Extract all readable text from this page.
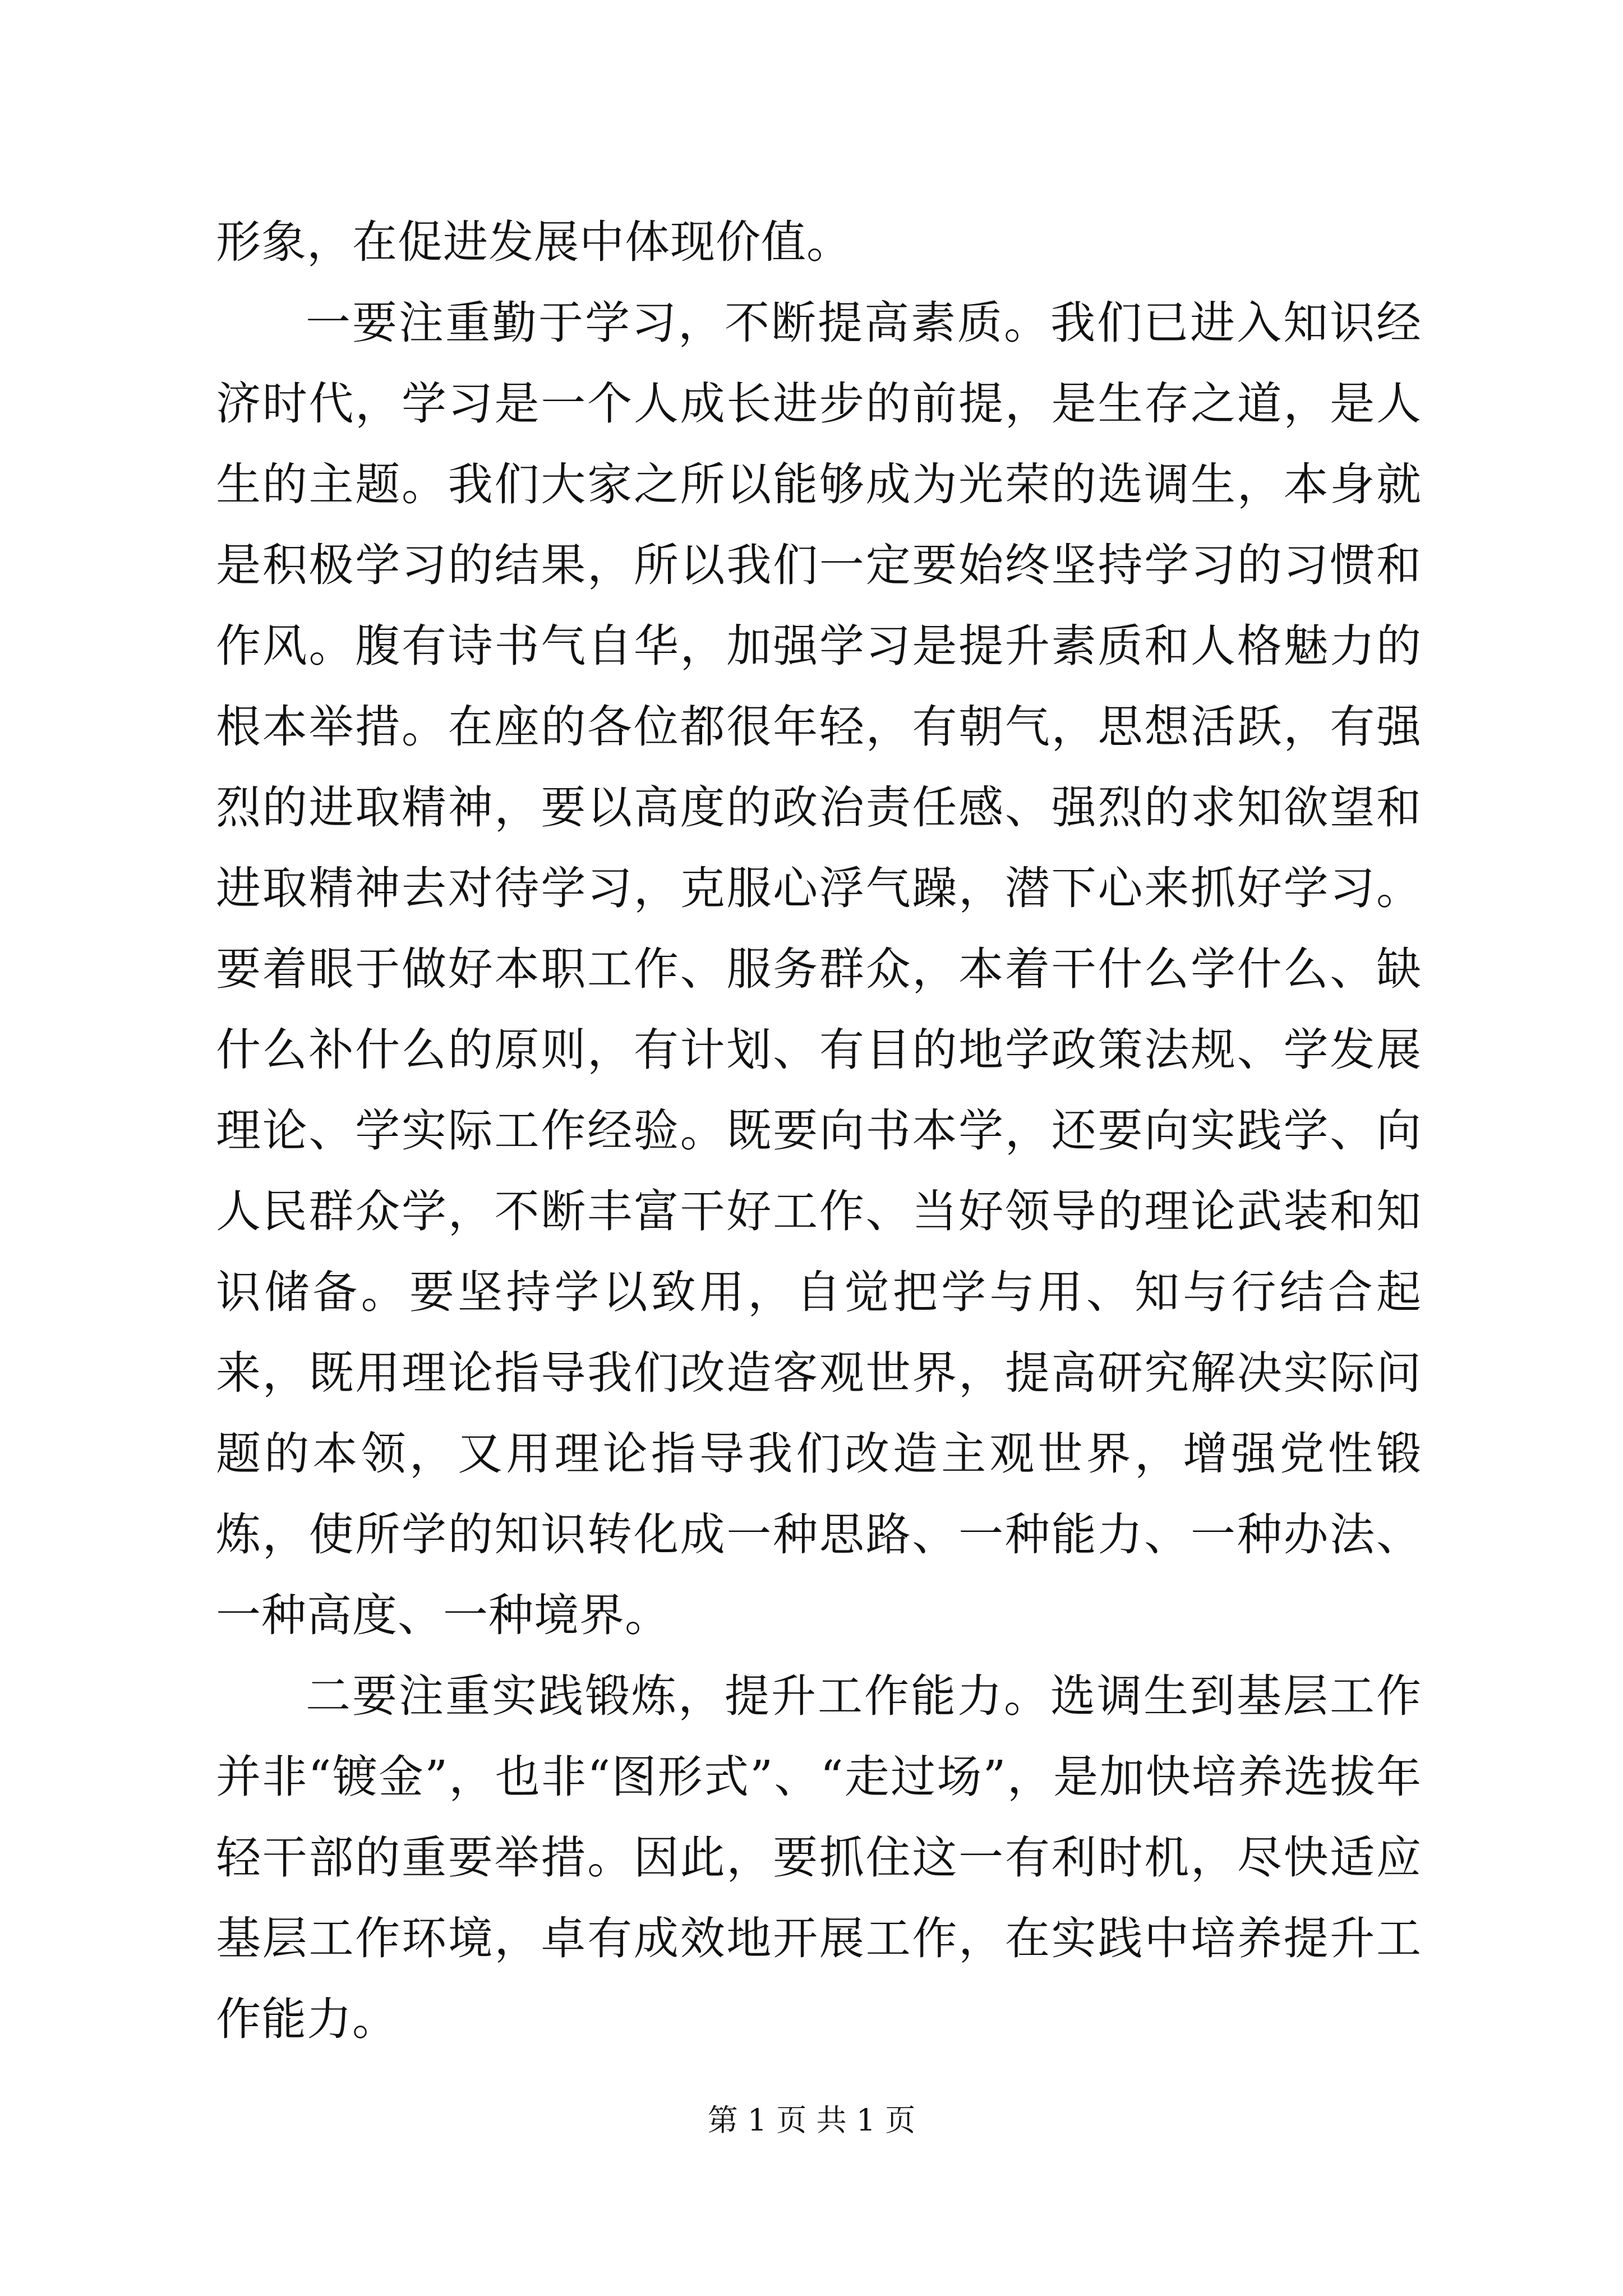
形象，在促进发展中体现价值。

一要注重勤于学习，不断提高素质。我们已进入知识经济时代，学习是一个人成长进步的前提，是生存之道，是人生的主题。我们大家之所以能够成为光荣的选调生，本身就是积极学习的结果，所以我们一定要始终坚持学习的习惯和作风。腹有诗书气自华，加强学习是提升素质和人格魅力的根本举措。在座的各位都很年轻，有朝气，思想活跃，有强烈的进取精神，要以高度的政治责任感、强烈的求知欲望和进取精神去对待学习，克服心浮气躁，潜下心来抓好学习。要着眼于做好本职工作、服务群众，本着干什么学什么、缺什么补什么的原则，有计划、有目的地学政策法规、学发展理论、学实际工作经验。既要向书本学，还要向实践学、向人民群众学，不断丰富干好工作、当好领导的理论武装和知识储备。要坚持学以致用，自觉把学与用、知与行结合起来，既用理论指导我们改造客观世界，提高研究解决实际问题的本领，又用理论指导我们改造主观世界，增强党性锻炼，使所学的知识转化成一种思路、一种能力、一种办法、一种高度、一种境界。

二要注重实践锻炼，提升工作能力。选调生到基层工作并非“镀金”，也非“图形式”、“走过场”，是加快培养选拔年轻干部的重要举措。因此，要抓住这一有利时机，尽快适应基层工作环境，卓有成效地开展工作，在实践中培养提升工作能力。

第 1 页 共 1 页
